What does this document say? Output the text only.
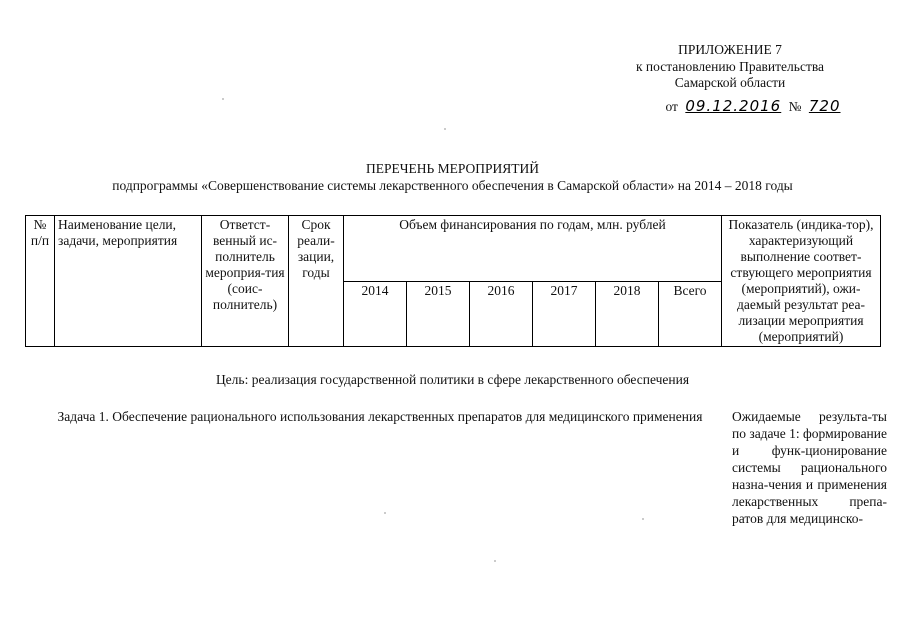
ПРИЛОЖЕНИЕ 7
к постановлению Правительства
Самарской области
от 09.12.2016 № 720
ПЕРЕЧЕНЬ МЕРОПРИЯТИЙ
подпрограммы «Совершенствование системы лекарственного обеспечения в Самарской области» на 2014 – 2018 годы
№ п/п	Наименование цели, задачи, мероприятия	Ответст-венный ис-полнитель мероприя-тия (соис-полнитель)	Срок реали-зации, годы	Объем финансирования по годам, млн. рублей						Показатель (индика-тор), характеризующий выполнение соответ-ствующего мероприятия (мероприятий), ожи-даемый результат реа-лизации мероприятия (мероприятий)
				2014	2015	2016	2017	2018	Всего	
Цель: реализация государственной политики в сфере лекарственного обеспечения
Задача 1. Обеспечение рационального использования лекарственных препаратов для медицинского применения	Ожидаемые результа-ты по задаче 1: формирование и функ-ционирование системы рационального назна-чения и применения лекарственных препа-ратов для медицинско-
